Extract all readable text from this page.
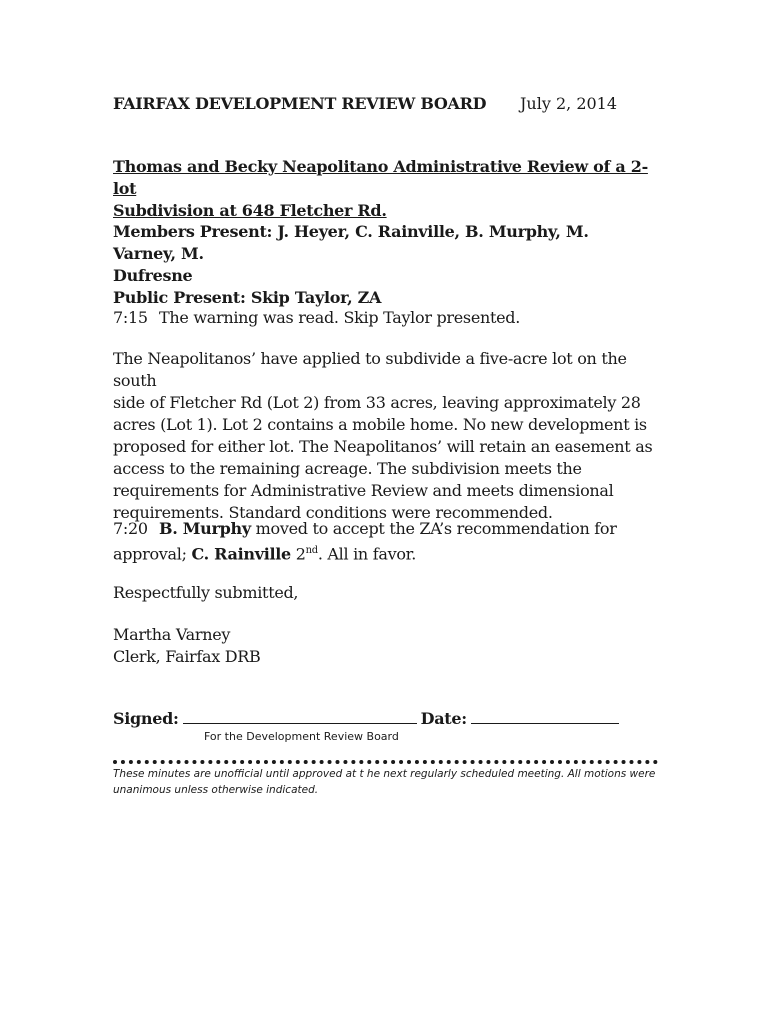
FAIRFAX DEVELOPMENT REVIEW BOARD July 2, 2014
Thomas and Becky Neapolitano Administrative Review of a 2-lot
Subdivision at 648 Fletcher Rd.
Members Present: J. Heyer, C. Rainville, B. Murphy, M. Varney, M.
Dufresne
Public Present: Skip Taylor, ZA
7:15 The warning was read. Skip Taylor presented.
The Neapolitanos’ have applied to subdivide a five-acre lot on the south
side of Fletcher Rd (Lot 2) from 33 acres, leaving approximately 28
acres (Lot 1). Lot 2 contains a mobile home. No new development is
proposed for either lot. The Neapolitanos’ will retain an easement as
access to the remaining acreage. The subdivision meets the
requirements for Administrative Review and meets dimensional
requirements. Standard conditions were recommended.
7:20 B. Murphy moved to accept the ZA’s recommendation for
approval; C. Rainville 2nd. All in favor.
Respectfully submitted,
Martha Varney
Clerk, Fairfax DRB
Signed:	Date:
For the Development Review Board
These minutes are unofficial until approved at t he next regularly scheduled meeting. All motions were
unanimous unless otherwise indicated.
